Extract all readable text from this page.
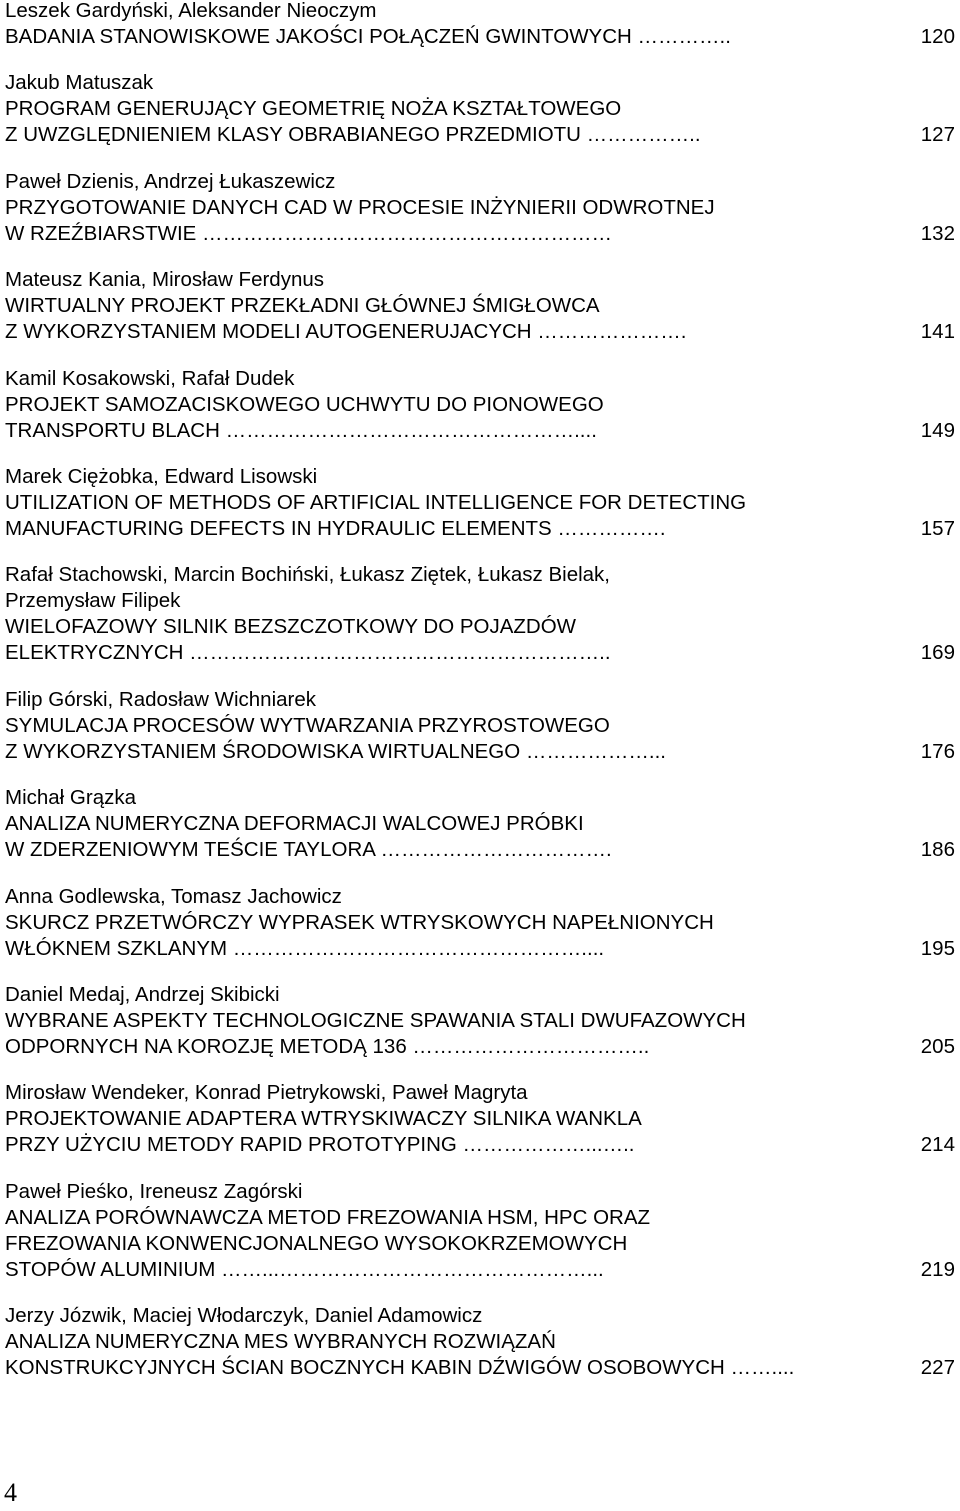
Leszek Gardyński, Aleksander Nieoczym
BADANIA STANOWISKOWE JAKOŚCI POŁĄCZEŃ GWINTOWYCH …………..	120
Jakub Matuszak
PROGRAM GENERUJĄCY GEOMETRIĘ NOŻA KSZTAŁTOWEGO
Z UWZGLĘDNIENIEM KLASY OBRABIANEGO PRZEDMIOTU ……………..	127
Paweł Dzienis, Andrzej Łukaszewicz
PRZYGOTOWANIE DANYCH CAD W PROCESIE INŻYNIERII ODWROTNEJ
W RZEŹBIARSTWIE ……………………………………………………	132
Mateusz Kania, Mirosław Ferdynus
WIRTUALNY PROJEKT PRZEKŁADNI GŁÓWNEJ ŚMIGŁOWCA
Z WYKORZYSTANIEM MODELI AUTOGENERUJACYCH ………………….	141
Kamil Kosakowski, Rafał Dudek
PROJEKT SAMOZACISKOWEGO UCHWYTU DO PIONOWEGO
TRANSPORTU BLACH ……………………………………………....	149
Marek Ciężobka, Edward Lisowski
UTILIZATION OF METHODS OF ARTIFICIAL INTELLIGENCE FOR DETECTING
MANUFACTURING DEFECTS IN HYDRAULIC ELEMENTS …………….	157
Rafał Stachowski, Marcin Bochiński, Łukasz Ziętek, Łukasz Bielak,
Przemysław Filipek
WIELOFAZOWY SILNIK BEZSZCZOTKOWY DO POJAZDÓW
ELEKTRYCZNYCH ……………………………………………………..	169
Filip Górski, Radosław Wichniarek
SYMULACJA PROCESÓW WYTWARZANIA PRZYROSTOWEGO
Z WYKORZYSTANIEM ŚRODOWISKA WIRTUALNEGO ………………...	176
Michał Grązka
ANALIZA NUMERYCZNA DEFORMACJI WALCOWEJ PRÓBKI
W ZDERZENIOWYM TEŚCIE TAYLORA …………………………….	186
Anna Godlewska, Tomasz Jachowicz
SKURCZ PRZETWÓRCZY WYPRASEK WTRYSKOWYCH NAPEŁNIONYCH
WŁÓKNEM SZKLANYM ……………………………………………....	195
Daniel Medaj, Andrzej Skibicki
WYBRANE ASPEKTY TECHNOLOGICZNE SPAWANIA STALI DWUFAZOWYCH
ODPORNYCH NA KOROZJĘ METODĄ 136 ……………………………..	205
Mirosław Wendeker, Konrad Pietrykowski, Paweł Magryta
PROJEKTOWANIE ADAPTERA WTRYSKIWACZY SILNIKA WANKLA
PRZY UŻYCIU METODY RAPID PROTOTYPING ………………...…..	214
Paweł Pieśko, Ireneusz Zagórski
ANALIZA PORÓWNAWCZA METOD FREZOWANIA HSM, HPC ORAZ
FREZOWANIA KONWENCJONALNEGO WYSOKOKRZEMOWYCH
STOPÓW ALUMINIUM ……...………………………………………...	219
Jerzy Józwik, Maciej Włodarczyk, Daniel Adamowicz
ANALIZA NUMERYCZNA MES WYBRANYCH ROZWIĄZAŃ
KONSTRUKCYJNYCH ŚCIAN BOCZNYCH KABIN DŹWIGÓW OSOBOWYCH ……....	227
4
